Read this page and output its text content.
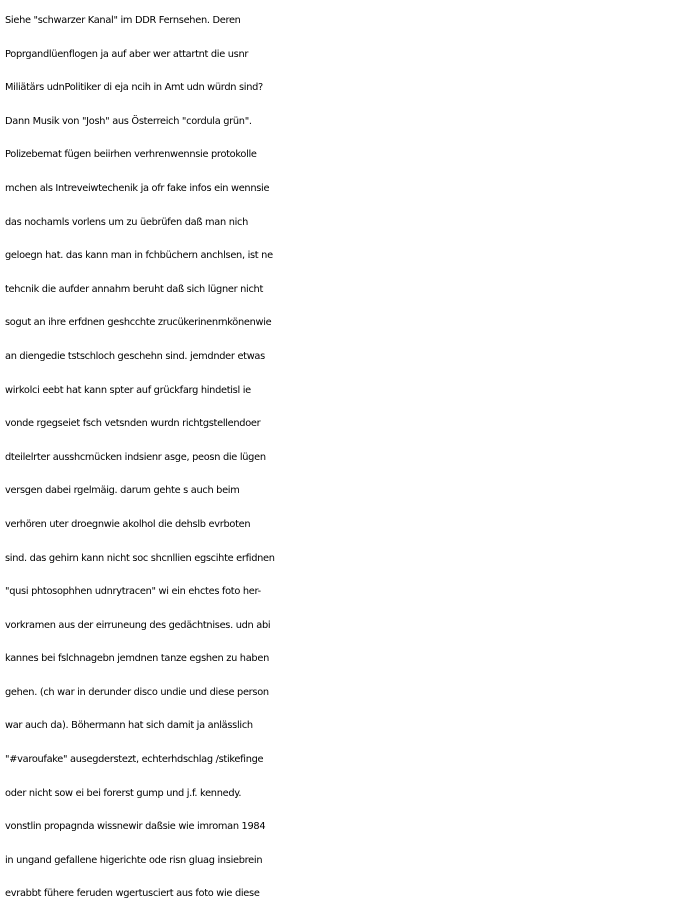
Siehe "schwarzer Kanal" im DDR Fernsehen. Deren
Poprgandlüenflogen ja auf aber wer attartnt die usnr
Miliätärs udnPolitiker di eja ncih in Amt udn würdn sind?
Dann Musik von "Josh" aus Österreich "cordula grün".
Polizebemat fügen beiirhen verhrenwennsie protokolle
mchen als Intreveiwtechenik ja ofr fake infos ein wennsie
das nochamls vorlens um zu üebrüfen daß man nich
geloegn hat. das kann man in fchbüchern anchlsen, ist ne
tehcnik die aufder annahm beruht daß sich lügner nicht
sogut an ihre erfdnen geshcchte zrucükerinenrnkönenwie
an diengedie tstschloch geschehn sind. jemdnder etwas
wirkolci eebt hat kann spter auf grückfarg hindetisl ie
vonde rgegseiet fsch vetsnden wurdn richtgstellendoer
dteilelrter ausshcmücken indsienr asge, peosn die lügen
versgen dabei rgelmäig. darum gehte s auch beim
verhören uter droegnwie akolhol die dehslb evrboten
sind. das gehirn kann nicht soc shcnllien egscihte erfidnen
"qusi phtosophhen udnrytracen" wi ein ehctes foto her-
vorkramen aus der eirruneung des gedächtnises. udn abi
kannes bei fslchnagebn jemdnen tanze egshen zu haben
gehen. (ch war in derunder disco undie und diese person
war auch da). Böhermann hat sich damit ja anlässlich
"#varoufake" ausegderstezt, echterhdschlag /stikefinge
oder nicht sow ei bei forerst gump und j.f. kennedy.
vonstlin propagnda wissnewir daßsie wie imroman 1984
in ungand gefallene higerichte ode risn gluag insiebrein
evrabbt fühere feruden wgertusciert aus foto wie diese
